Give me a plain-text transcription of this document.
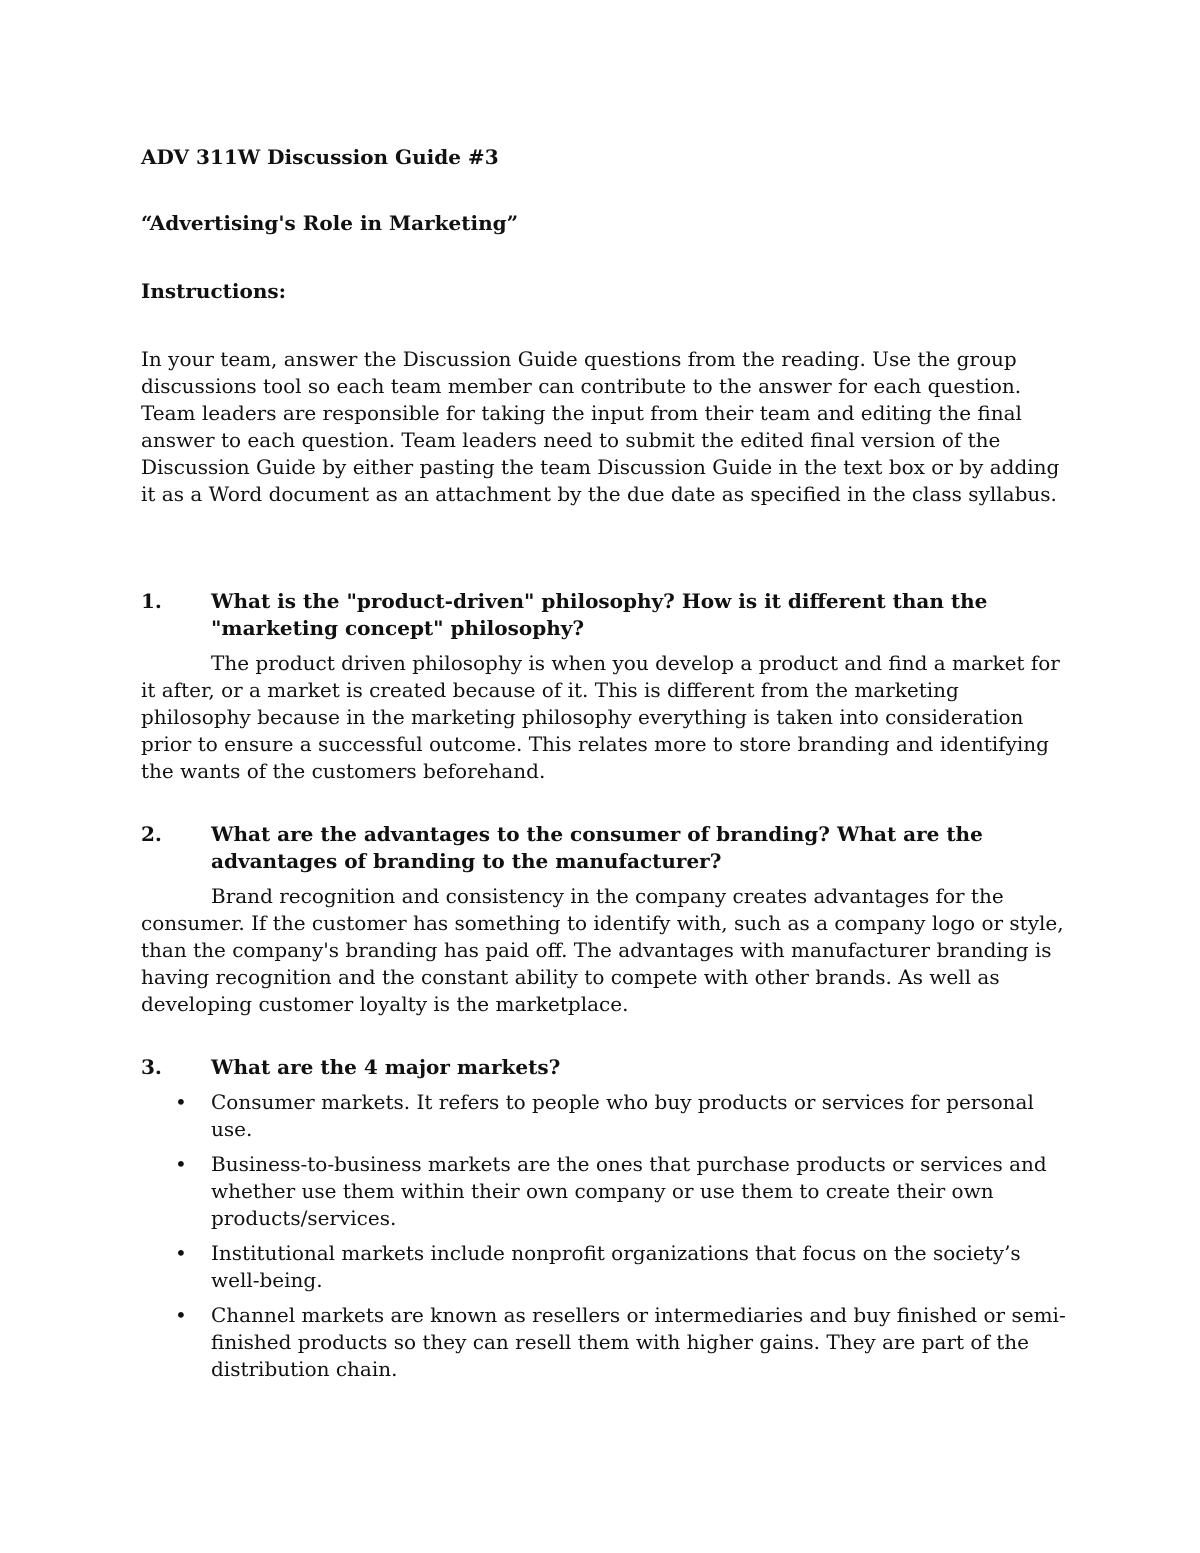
ADV 311W Discussion Guide #3
“Advertising's Role in Marketing”
Instructions:

In your team, answer the Discussion Guide questions from the reading. Use the group discussions tool so each team member can contribute to the answer for each question. Team leaders are responsible for taking the input from their team and editing the final answer to each question. Team leaders need to submit the edited final version of the Discussion Guide by either pasting the team Discussion Guide in the text box or by adding it as a Word document as an attachment by the due date as specified in the class syllabus.

1. What is the "product-driven" philosophy? How is it different than the "marketing concept" philosophy?

The product driven philosophy is when you develop a product and find a market for it after, or a market is created because of it. This is different from the marketing philosophy because in the marketing philosophy everything is taken into consideration prior to ensure a successful outcome. This relates more to store branding and identifying the wants of the customers beforehand.

2. What are the advantages to the consumer of branding? What are the advantages of branding to the manufacturer?

Brand recognition and consistency in the company creates advantages for the consumer. If the customer has something to identify with, such as a company logo or style, than the company's branding has paid off. The advantages with manufacturer branding is having recognition and the constant ability to compete with other brands. As well as developing customer loyalty is the marketplace.

3. What are the 4 major markets?

• Consumer markets. It refers to people who buy products or services for personal use.
• Business-to-business markets are the ones that purchase products or services and whether use them within their own company or use them to create their own products/services.
• Institutional markets include nonprofit organizations that focus on the society’s well-being.
• Channel markets are known as resellers or intermediaries and buy finished or semi-finished products so they can resell them with higher gains. They are part of the distribution chain.
